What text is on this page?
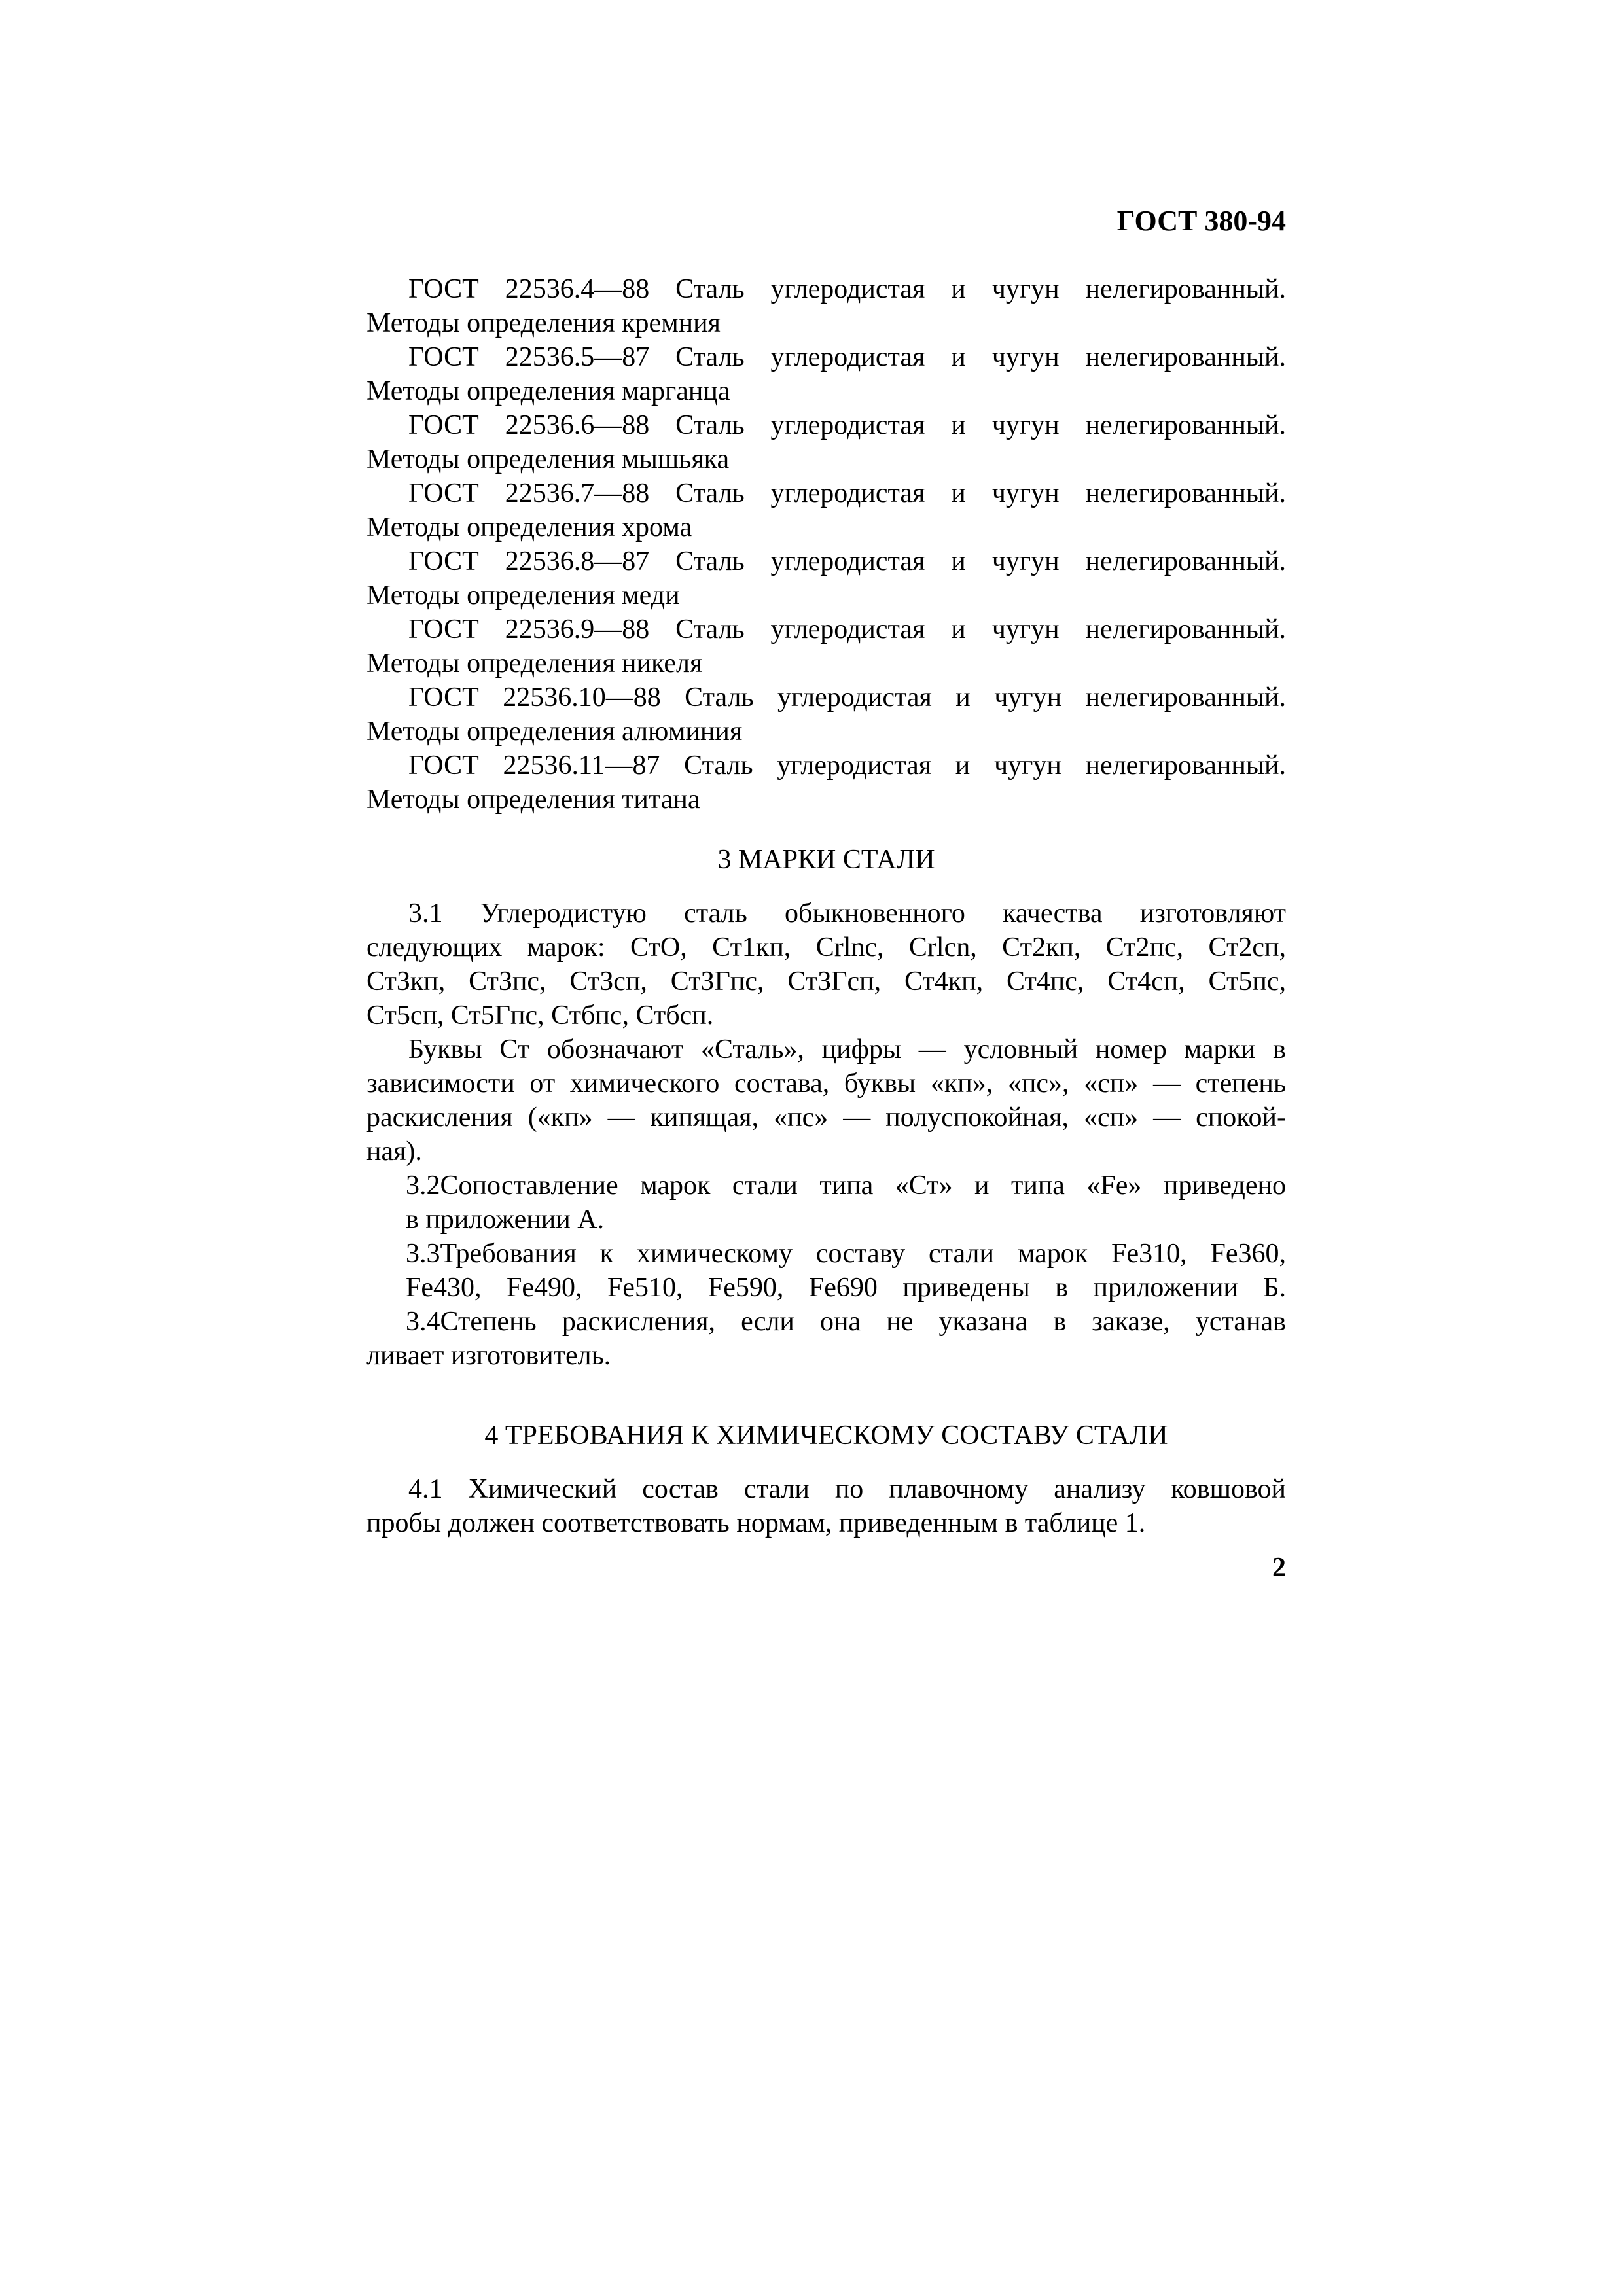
ГОСТ 380-94
ГОСТ 22536.4—88 Сталь углеродистая и чугун нелегированный.
Методы определения кремния
ГОСТ 22536.5—87 Сталь углеродистая и чугун нелегированный.
Методы определения марганца
ГОСТ 22536.6—88 Сталь углеродистая и чугун нелегированный.
Методы определения мышьяка
ГОСТ 22536.7—88 Сталь углеродистая и чугун нелегированный.
Методы определения хрома
ГОСТ 22536.8—87 Сталь углеродистая и чугун нелегированный.
Методы определения меди
ГОСТ 22536.9—88 Сталь углеродистая и чугун нелегированный.
Методы определения никеля
ГОСТ 22536.10—88 Сталь углеродистая и чугун нелегированный.
Методы определения алюминия
ГОСТ 22536.11—87 Сталь углеродистая и чугун нелегированный.
Методы определения титана
3 МАРКИ СТАЛИ
3.1 Углеродистую сталь обыкновенного качества изготовляют
следующих марок: СтО, Ст1кп, Crlnc, Crlcn, Ст2кп, Ст2пс, Ст2сп,
СтЗкп, СтЗпс, СтЗсп, СтЗГпс, СтЗГсп, Ст4кп, Ст4пс, Ст4сп, Ст5пс,
Ст5сп, Ст5Гпс, Стбпс, Стбсп.
Буквы Ст обозначают «Сталь», цифры — условный номер марки в
зависимости от химического состава, буквы «кп», «пс», «сп» — степень
раскисления («кп» — кипящая, «пс» — полуспокойная, «сп» — спокой-
ная).
3.2Сопоставление марок стали типа «Ст» и типа «Fe» приведено
в приложении А.
3.3Требования к химическому составу стали марок Fe310, Fe360,
Fe430, Fe490, Fe510, Fe590, Fe690 приведены в приложении Б.
3.4Степень раскисления, если она не указана в заказе, устанав
ливает изготовитель.
4 ТРЕБОВАНИЯ К ХИМИЧЕСКОМУ СОСТАВУ СТАЛИ
4.1 Химический состав стали по плавочному анализу ковшовой
пробы должен соответствовать нормам, приведенным в таблице 1.
2
